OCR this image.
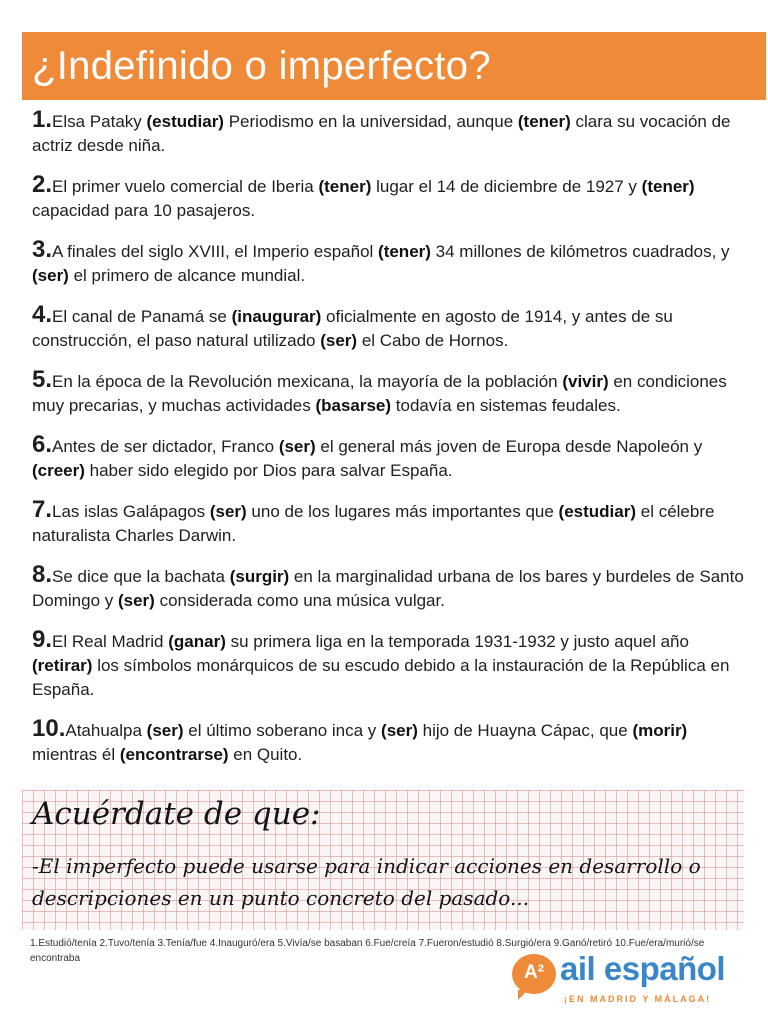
¿Indefinido o imperfecto?

1.Elsa Pataky (estudiar) Periodismo en la universidad, aunque (tener) clara su vocación de actriz desde niña.

2.El primer vuelo comercial de Iberia (tener) lugar el 14 de diciembre de 1927 y (tener) capacidad para 10 pasajeros.

3.A finales del siglo XVIII, el Imperio español (tener) 34 millones de kilómetros cuadrados, y (ser) el primero de alcance mundial.

4.El canal de Panamá se (inaugurar) oficialmente en agosto de 1914, y antes de su construcción, el paso natural utilizado (ser) el Cabo de Hornos.

5.En la época de la Revolución mexicana, la mayoría de la población (vivir) en condiciones muy precarias, y muchas actividades (basarse) todavía en sistemas feudales.

6.Antes de ser dictador, Franco (ser) el general más joven de Europa desde Napoleón y (creer) haber sido elegido por Dios para salvar España.

7.Las islas Galápagos (ser) uno de los lugares más importantes que (estudiar) el célebre naturalista Charles Darwin.

8.Se dice que la bachata (surgir) en la marginalidad urbana de los bares y burdeles de Santo Domingo y (ser) considerada como una música vulgar.

9.El Real Madrid (ganar) su primera liga en la temporada 1931-1932 y justo aquel año (retirar) los símbolos monárquicos de su escudo debido a la instauración de la República en España.

10.Atahualpa (ser) el último soberano inca y (ser) hijo de Huayna Cápac, que (morir) mientras él (encontrarse) en Quito.

Acuérdate de que:
-El imperfecto puede usarse para indicar acciones en desarrollo o descripciones en un punto concreto del pasado...
1.Estudió/tenía 2.Tuvo/tenía 3.Tenía/fue 4.Inauguró/era 5.Vivía/se basaban 6.Fue/creía 7.Fueron/estudió 8.Surgió/era 9.Ganó/retiró 10.Fue/era/murió/se encontraba
A² ail español
¡EN MADRID Y MÁLAGA!
